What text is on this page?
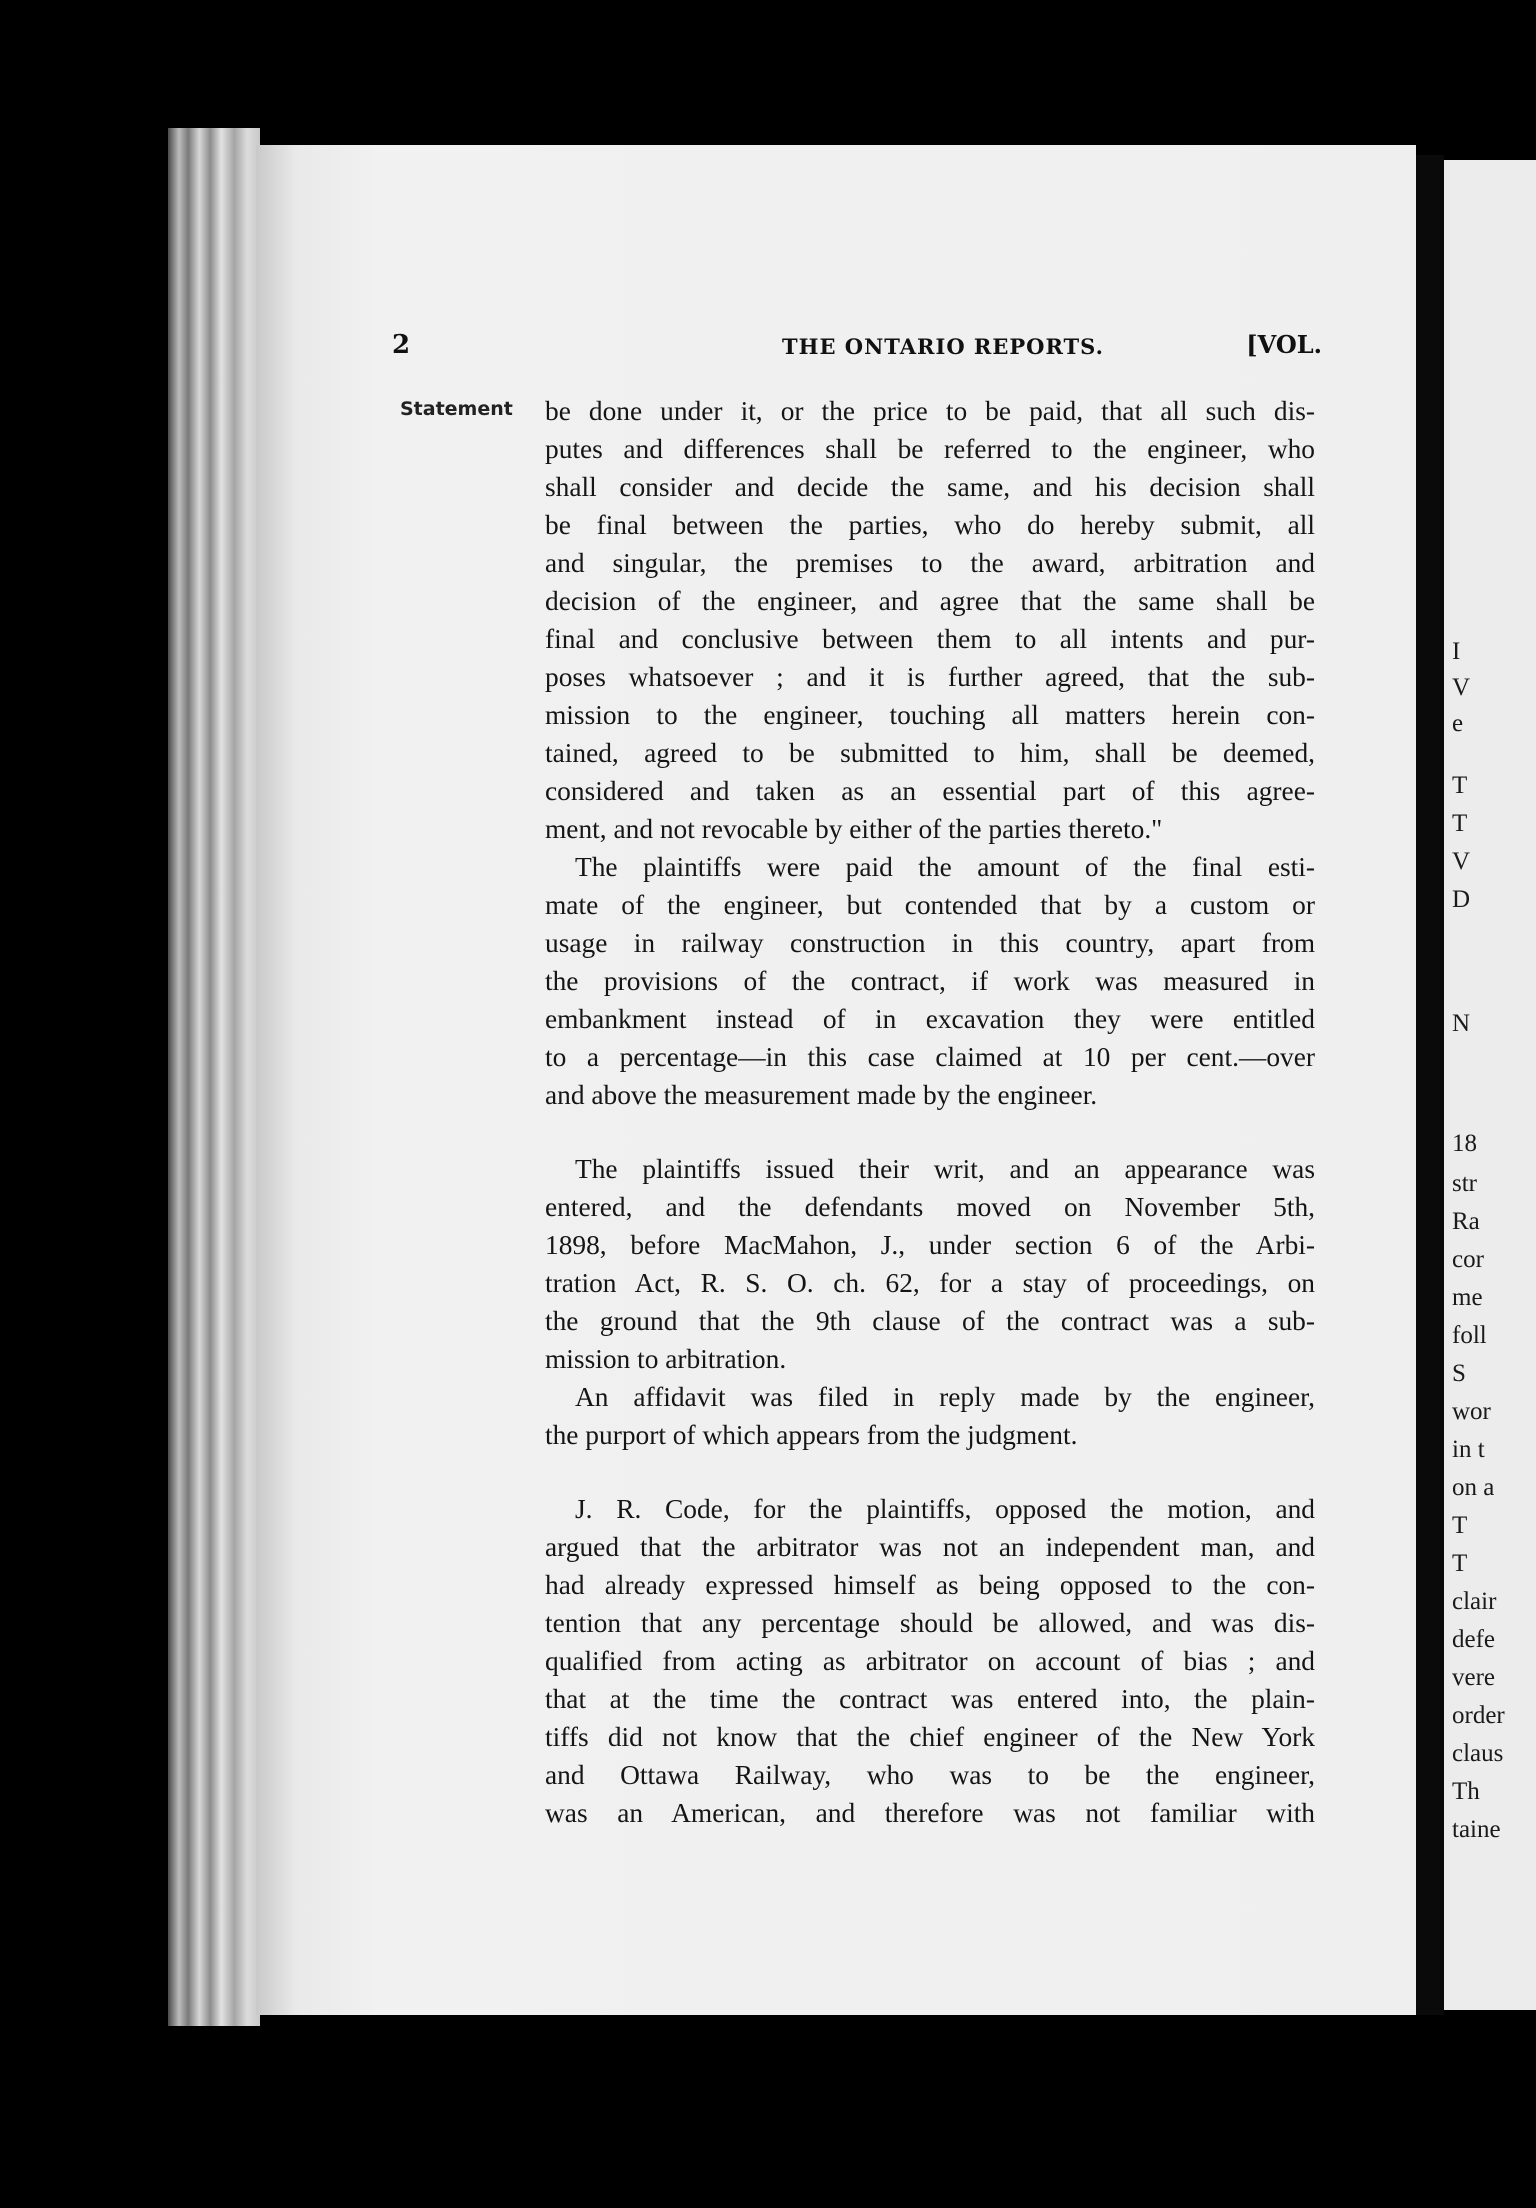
I
V
e
T
T
V
D
N
18
str
Ra
cor
me
foll
S
wor
in t
on a
T
T
clair
defe
vere
order
claus
Th
taine
2	THE ONTARIO REPORTS.	[VOL.
Statement be done under it, or the price to be paid, that all such dis-
putes and differences shall be referred to the engineer, who
shall consider and decide the same, and his decision shall
be final between the parties, who do hereby submit, all
and singular, the premises to the award, arbitration and
decision of the engineer, and agree that the same shall be
final and conclusive between them to all intents and pur-
poses whatsoever ; and it is further agreed, that the sub-
mission to the engineer, touching all matters herein con-
tained, agreed to be submitted to him, shall be deemed,
considered and taken as an essential part of this agree-
ment, and not revocable by either of the parties thereto."
The plaintiffs were paid the amount of the final esti-
mate of the engineer, but contended that by a custom or
usage in railway construction in this country, apart from
the provisions of the contract, if work was measured in
embankment instead of in excavation they were entitled
to a percentage—in this case claimed at 10 per cent.—over
and above the measurement made by the engineer.
The plaintiffs issued their writ, and an appearance was
entered, and the defendants moved on November 5th,
1898, before MacMahon, J., under section 6 of the Arbi-
tration Act, R. S. O. ch. 62, for a stay of proceedings, on
the ground that the 9th clause of the contract was a sub-
mission to arbitration.
An affidavit was filed in reply made by the engineer,
the purport of which appears from the judgment.
J. R. Code, for the plaintiffs, opposed the motion, and
argued that the arbitrator was not an independent man, and
had already expressed himself as being opposed to the con-
tention that any percentage should be allowed, and was dis-
qualified from acting as arbitrator on account of bias ; and
that at the time the contract was entered into, the plain-
tiffs did not know that the chief engineer of the New York
and Ottawa Railway, who was to be the engineer,
was an American, and therefore was not familiar with
